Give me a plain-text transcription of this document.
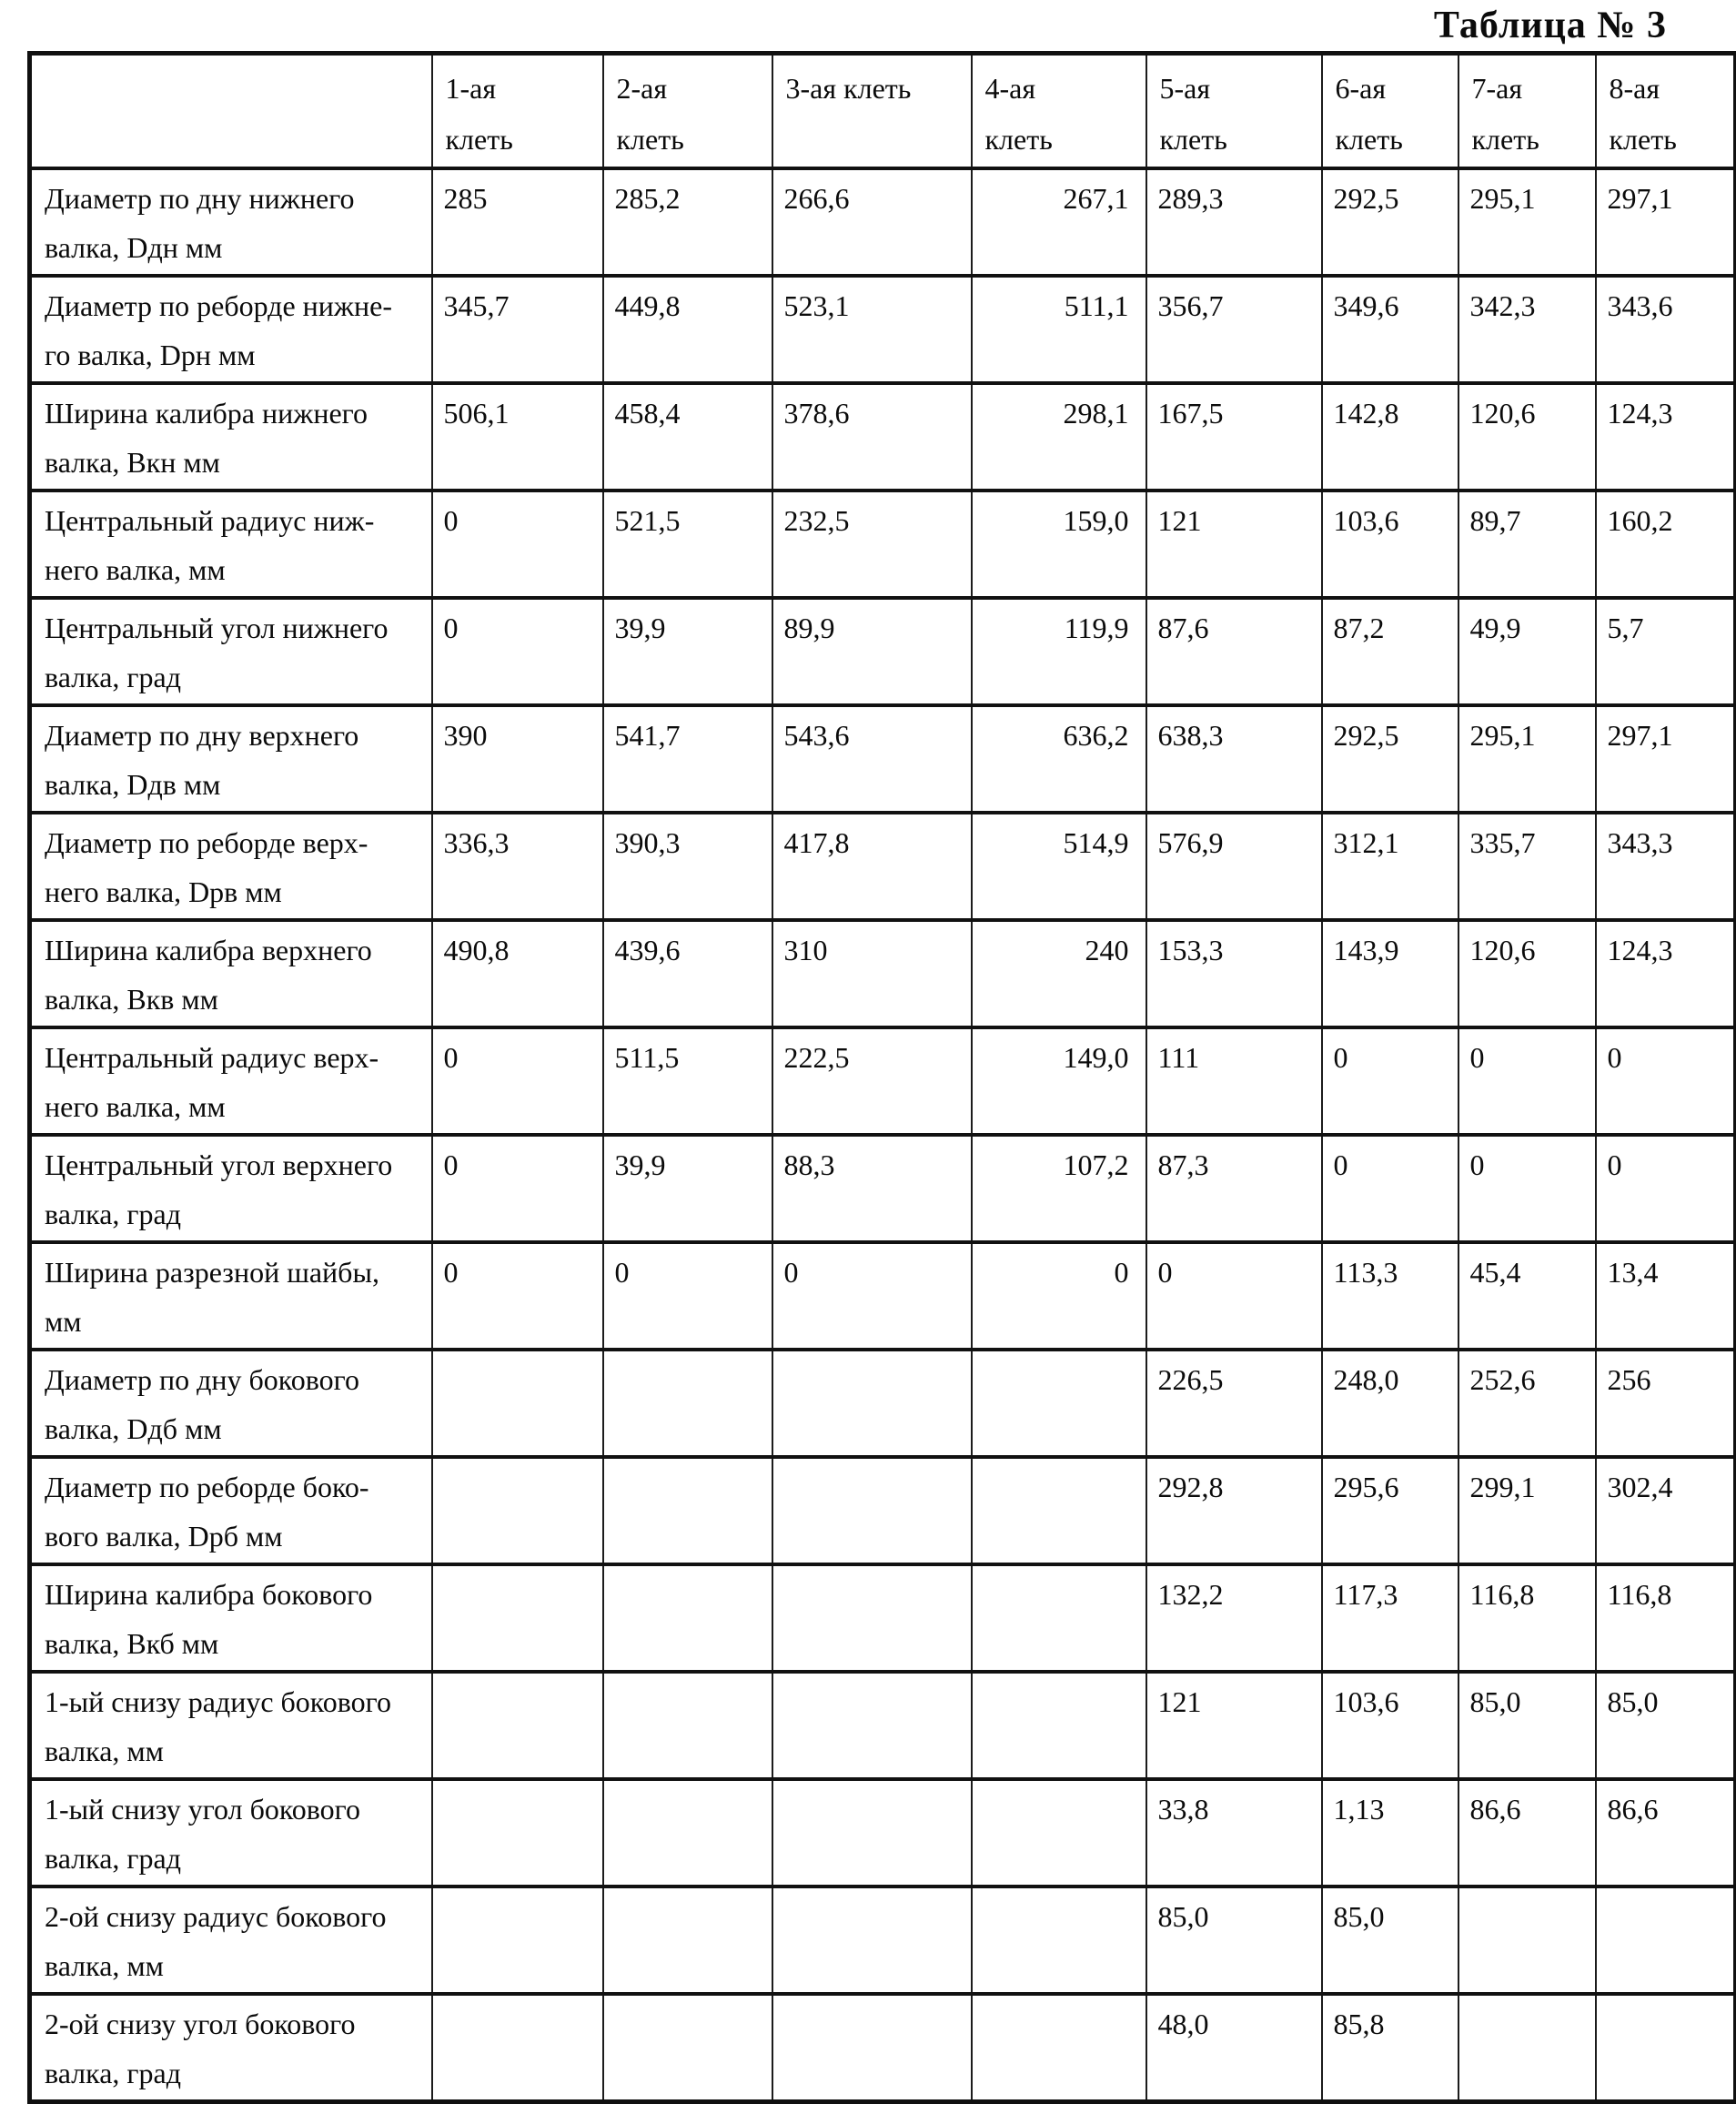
Таблица № 3
	1-ая
клеть	2-ая
клеть	3-ая клеть	4-ая
клеть	5-ая
клеть	6-ая
клеть	7-ая
клеть	8-ая
клеть
Диаметр по дну нижнего
валка, Dдн мм	285	285,2	266,6	267,1	289,3	292,5	295,1	297,1
Диаметр по реборде нижне-
го валка, Dрн мм	345,7	449,8	523,1	511,1	356,7	349,6	342,3	343,6
Ширина калибра нижнего
валка, Вкн мм	506,1	458,4	378,6	298,1	167,5	142,8	120,6	124,3
Центральный радиус ниж-
него валка, мм	0	521,5	232,5	159,0	121	103,6	89,7	160,2
Центральный угол нижнего
валка, град	0	39,9	89,9	119,9	87,6	87,2	49,9	5,7
Диаметр по дну верхнего
валка, Dдв мм	390	541,7	543,6	636,2	638,3	292,5	295,1	297,1
Диаметр по реборде верх-
него валка, Dрв мм	336,3	390,3	417,8	514,9	576,9	312,1	335,7	343,3
Ширина калибра верхнего
валка, Вкв мм	490,8	439,6	310	240	153,3	143,9	120,6	124,3
Центральный радиус верх-
него валка, мм	0	511,5	222,5	149,0	111	0	0	0
Центральный угол верхнего
валка, град	0	39,9	88,3	107,2	87,3	0	0	0
Ширина разрезной шайбы,
мм	0	0	0	0	0	113,3	45,4	13,4
Диаметр по дну бокового
валка, Dдб мм					226,5	248,0	252,6	256
Диаметр по реборде боко-
вого валка, Dрб мм					292,8	295,6	299,1	302,4
Ширина калибра бокового
валка, Вкб мм					132,2	117,3	116,8	116,8
1-ый снизу радиус бокового
валка, мм					121	103,6	85,0	85,0
1-ый снизу угол бокового
валка, град					33,8	1,13	86,6	86,6
2-ой снизу радиус бокового
валка, мм					85,0	85,0		
2-ой снизу угол бокового
валка, град					48,0	85,8		
